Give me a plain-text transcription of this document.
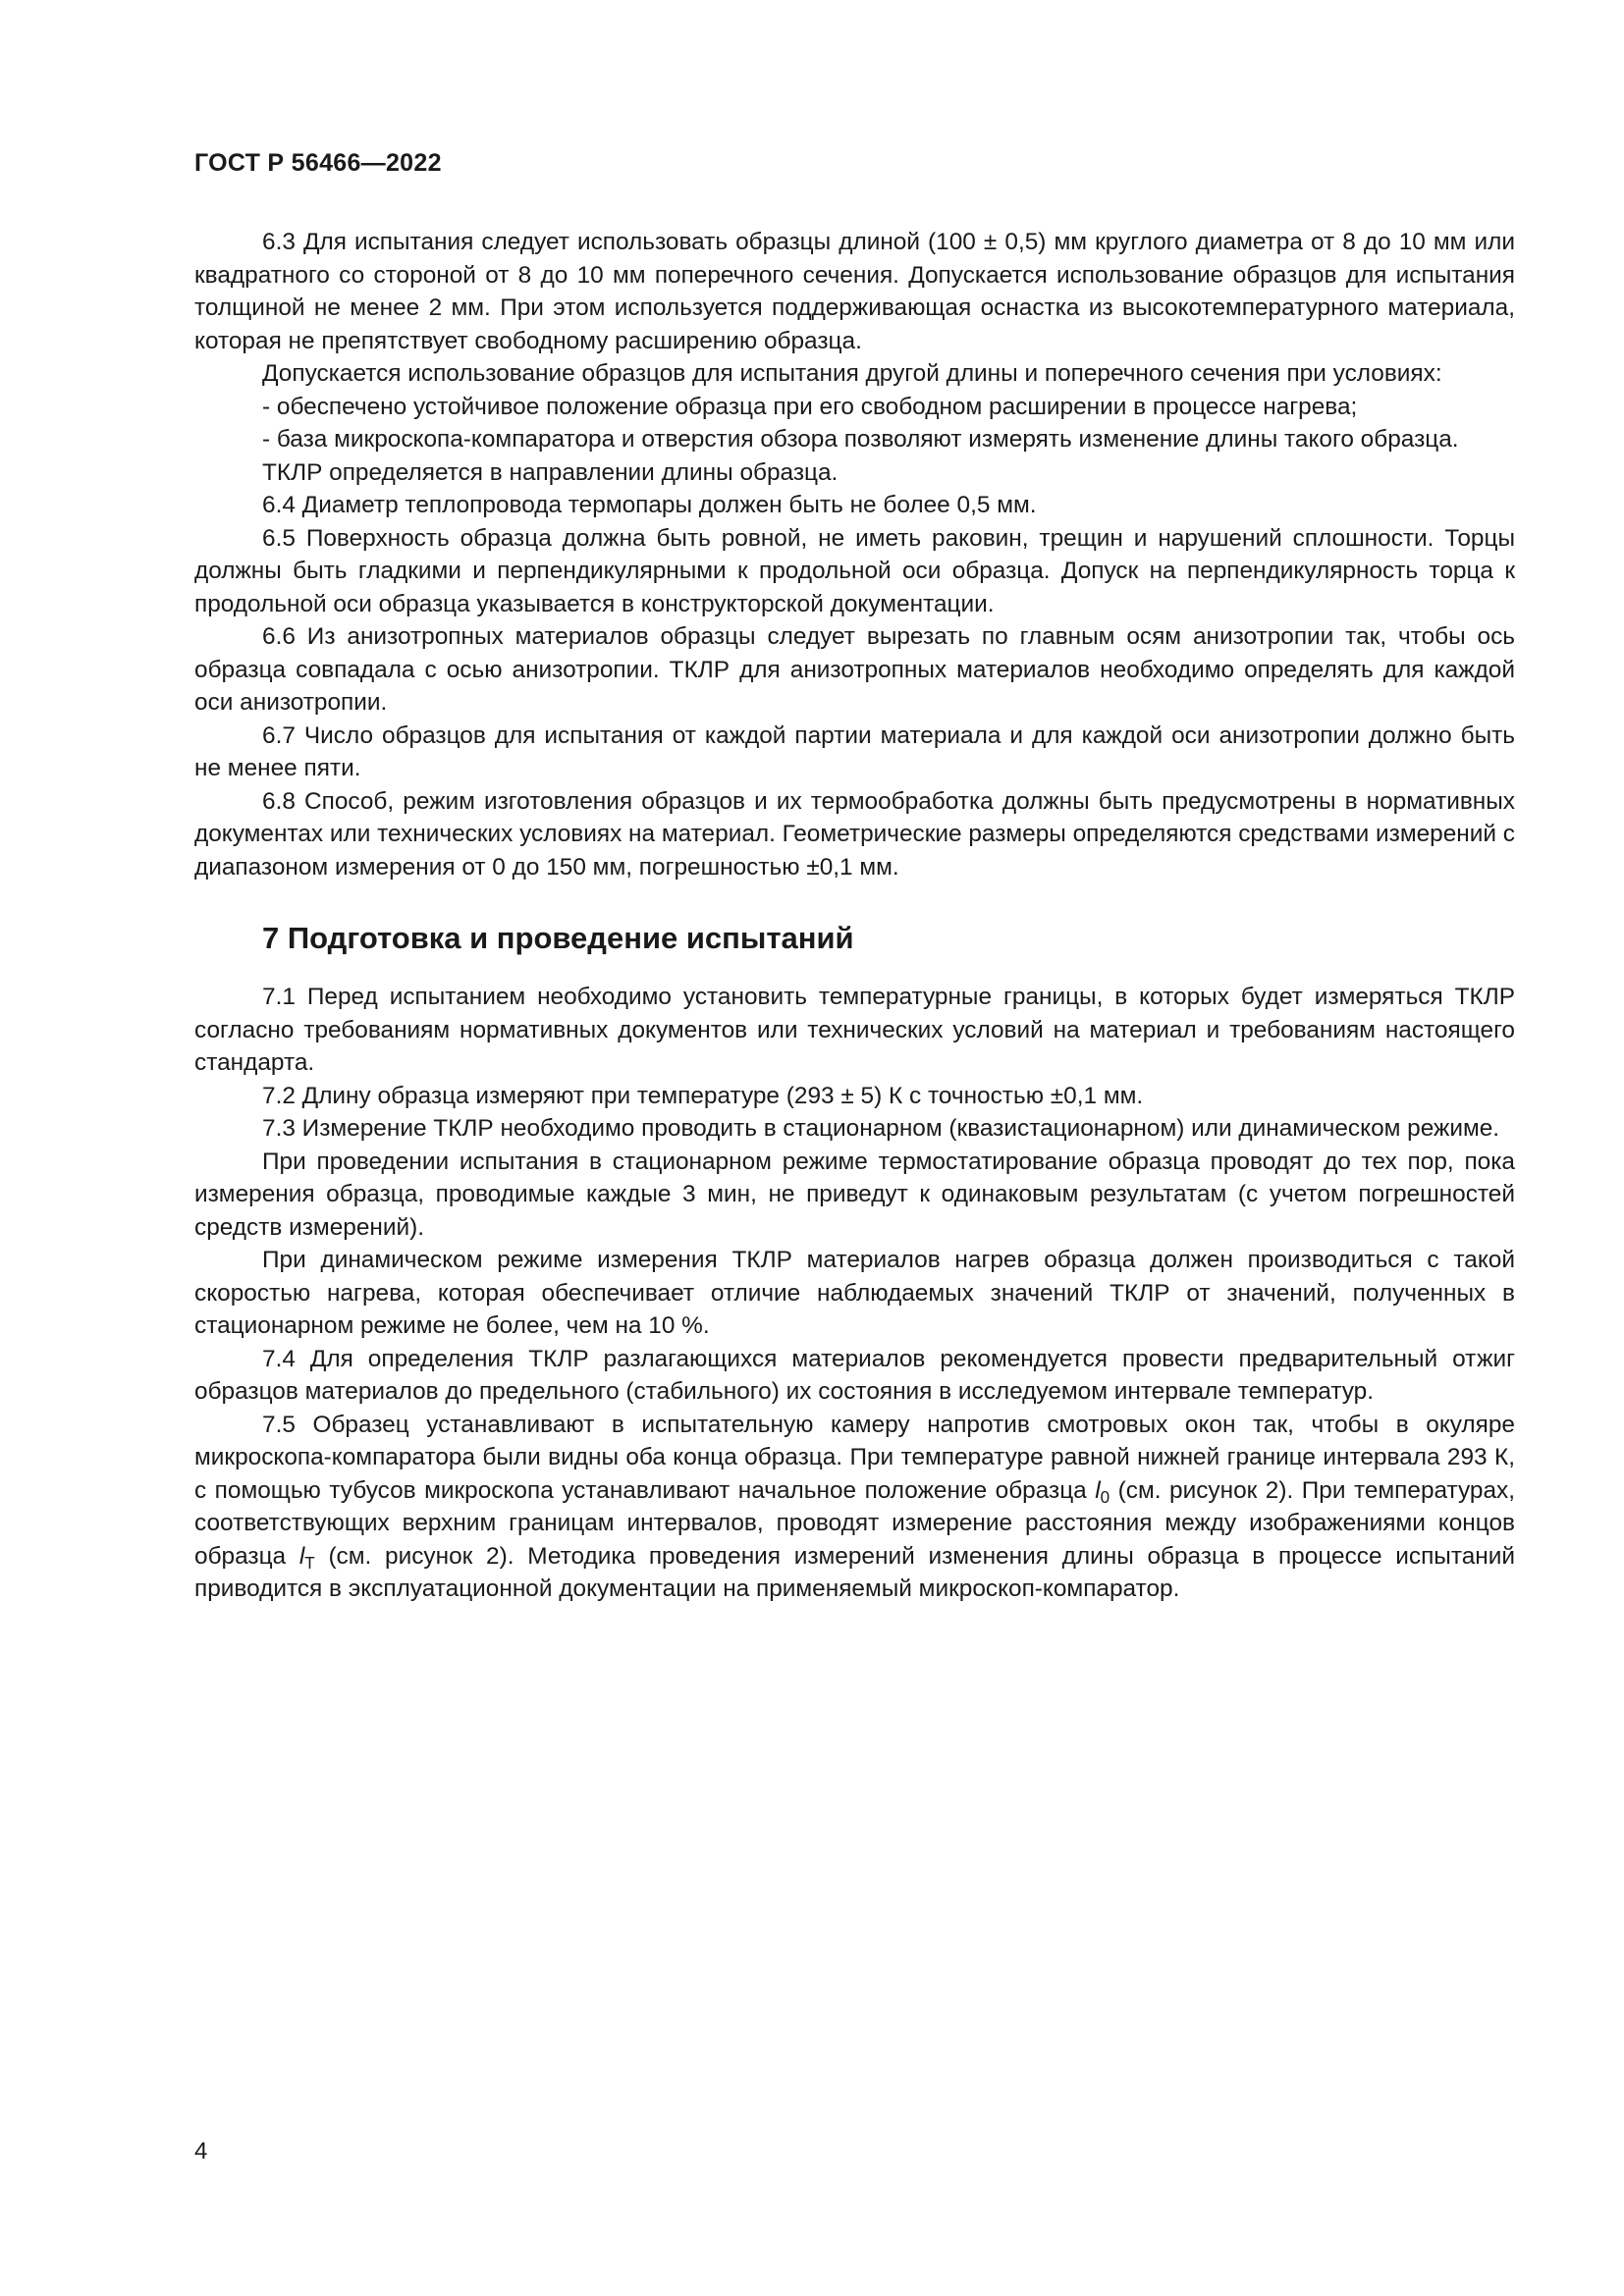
ГОСТ Р 56466—2022

6.3 Для испытания следует использовать образцы длиной (100 ± 0,5) мм круглого диаметра от 8 до 10 мм или квадратного со стороной от 8 до 10 мм поперечного сечения. Допускается использование образцов для испытания толщиной не менее 2 мм. При этом используется поддерживающая оснастка из высокотемпературного материала, которая не препятствует свободному расширению образца.

Допускается использование образцов для испытания другой длины и поперечного сечения при условиях:

- обеспечено устойчивое положение образца при его свободном расширении в процессе нагрева;

- база микроскопа-компаратора и отверстия обзора позволяют измерять изменение длины такого образца.

ТКЛР определяется в направлении длины образца.

6.4 Диаметр теплопровода термопары должен быть не более 0,5 мм.

6.5 Поверхность образца должна быть ровной, не иметь раковин, трещин и нарушений сплошности. Торцы должны быть гладкими и перпендикулярными к продольной оси образца. Допуск на перпендикулярность торца к продольной оси образца указывается в конструкторской документации.

6.6 Из анизотропных материалов образцы следует вырезать по главным осям анизотропии так, чтобы ось образца совпадала с осью анизотропии. ТКЛР для анизотропных материалов необходимо определять для каждой оси анизотропии.

6.7 Число образцов для испытания от каждой партии материала и для каждой оси анизотропии должно быть не менее пяти.

6.8 Способ, режим изготовления образцов и их термообработка должны быть предусмотрены в нормативных документах или технических условиях на материал. Геометрические размеры определяются средствами измерений с диапазоном измерения от 0 до 150 мм, погрешностью ±0,1 мм.

7 Подготовка и проведение испытаний

7.1 Перед испытанием необходимо установить температурные границы, в которых будет измеряться ТКЛР согласно требованиям нормативных документов или технических условий на материал и требованиям настоящего стандарта.

7.2 Длину образца измеряют при температуре (293 ± 5) К с точностью ±0,1 мм.

7.3 Измерение ТКЛР необходимо проводить в стационарном (квазистационарном) или динамическом режиме.

При проведении испытания в стационарном режиме термостатирование образца проводят до тех пор, пока измерения образца, проводимые каждые 3 мин, не приведут к одинаковым результатам (с учетом погрешностей средств измерений).

При динамическом режиме измерения ТКЛР материалов нагрев образца должен производиться с такой скоростью нагрева, которая обеспечивает отличие наблюдаемых значений ТКЛР от значений, полученных в стационарном режиме не более, чем на 10 %.

7.4 Для определения ТКЛР разлагающихся материалов рекомендуется провести предварительный отжиг образцов материалов до предельного (стабильного) их состояния в исследуемом интервале температур.

7.5 Образец устанавливают в испытательную камеру напротив смотровых окон так, чтобы в окуляре микроскопа-компаратора были видны оба конца образца. При температуре равной нижней границе интервала 293 К, с помощью тубусов микроскопа устанавливают начальное положение образца $l_0$ (см. рисунок 2). При температурах, соответствующих верхним границам интервалов, проводят измерение расстояния между изображениями концов образца $l_T$ (см. рисунок 2). Методика проведения измерений изменения длины образца в процессе испытаний приводится в эксплуатационной документации на применяемый микроскоп-компаратор.

4
